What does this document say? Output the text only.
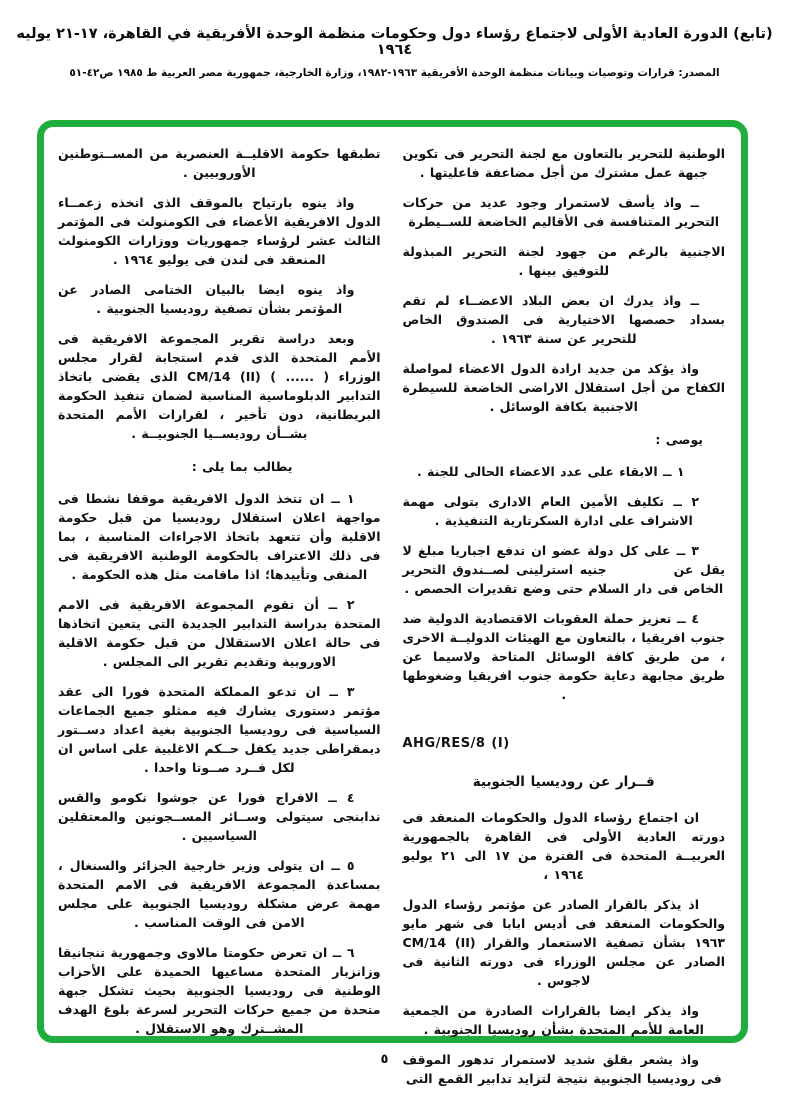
(تابع) الدورة العادية الأولى لاجتماع رؤساء دول وحكومات منظمة الوحدة الأفريقية في القاهرة، ١٧-٢١ يوليه ١٩٦٤
المصدر: قرارات وتوصيات وبيانات منظمة الوحدة الأفريقية ١٩٦٣-١٩٨٢، وزارة الخارجية، جمهورية مصر العربية ط ١٩٨٥ ص٤٢-٥١

الوطنية للتحرير بالتعاون مع لجنة التحرير فى تكوين جبهة عمل مشترك من أجل مضاعفة فاعليتها .

ــ واذ يأسف لاستمرار وجود عديد من حركات التحرير المتنافسة فى الأقاليم الخاضعة للســيطرة

الاجنبية بالرغم من جهود لجنة التحرير المبذولة للتوفيق بينها .

ــ واذ يدرك ان بعض البلاد الاعضــاء لم تقم بسداد حصصها الاختيارية فى الصندوق الخاص للتحرير عن سنة ١٩٦٣ .

واذ يؤكد من جديد ارادة الدول الاعضاء لمواصلة الكفاح من أجل استقلال الاراضى الخاضعة للسيطرة الاجنبية بكافة الوسائل .

يوصى :

١ ــ الابقاء على عدد الاعضاء الحالى للجنة .

٢ ــ تكليف الأمين العام الادارى بتولى مهمة الاشراف على ادارة السكرتارية التنفيذية .

٣ ــ على كل دولة عضو ان تدفع اجباريا مبلغ لا يقل عن          جنيه استرلينى لصــندوق التحرير الخاص فى دار السلام حتى وضع تقديرات الحصص .

٤ ــ تعزيز حملة العقوبات الاقتصادية الدولية ضد جنوب افريقيا ، بالتعاون مع الهيئات الدوليــة الاخرى ، من طريق كافة الوسائل المتاحة ولاسيما عن طريق مجابهة دعاية حكومة جنوب افريقيا وضغوطها .

AHG/RES/8 (I)

قــرار عن روديسيا الجنوبية

ان اجتماع رؤساء الدول والحكومات المنعقد فى دورته العادية الأولى فى القاهرة بالجمهورية العربيــة المتحدة فى الفترة من ١٧ الى ٢١ يوليو ١٩٦٤ ،

اذ يذكر بالقرار الصادر عن مؤتمر رؤساء الدول والحكومات المنعقد فى أديس ابابا فى شهر مايو ١٩٦٣ بشأن تصفية الاستعمار والقرار CM/14 (II) الصادر عن مجلس الوزراء فى دورته الثانية فى لاجوس .

واذ يذكر ايضا بالقرارات الصادرة من الجمعية العامة للأمم المتحدة بشأن روديسيا الجنوبية .

واذ يشعر بقلق شديد لاستمرار تدهور الموقف فى روديسيا الجنوبية نتيجة لتزايد تدابير القمع التى

تطبقها حكومة الاقليــة العنصرية من المســتوطنين الأوروبيين .

واذ ينوه بارتياح بالموقف الذى اتخذه زعمــاء الدول الافريقية الأعضاء فى الكومنولث فى المؤتمر الثالث عشر لرؤساء جمهوريات ووزارات الكومنولث المنعقد فى لندن فى يوليو ١٩٦٤ .

واذ ينوه ايضا بالبيان الختامى الصادر عن المؤتمر بشأن تصفية روديسيا الجنوبية .

وبعد دراسة تقرير المجموعة الافريقية فى الأمم المتحدة الذى قدم استجابة لقرار مجلس الوزراء ( ...... ) CM/14 (II) الذى يقضى باتخاذ التدابير الدبلوماسية المناسبة لضمان تنفيذ الحكومة البريطانية، دون تأخير ، لقرارات الأمم المتحدة بشــأن روديســيا الجنوبيــة .

يطالب بما يلى :

١ ــ ان تتخذ الدول الافريقية موقفا نشطا فى مواجهة اعلان استقلال روديسيا من قبل حكومة الاقلية وأن تتعهد باتخاذ الاجراءات المناسبة ، بما فى ذلك الاعتراف بالحكومة الوطنية الافريقية فى المنفى وتأييدها؛ اذا ماقامت مثل هذه الحكومة .

٢ ــ أن تقوم المجموعة الافريقية فى الامم المتحدة بدراسة التدابير الجديدة التى يتعين اتخاذها فى حالة اعلان الاستقلال من قبل حكومة الاقلية الاوروبية وتقديم تقرير الى المجلس .

٣ ــ ان تدعو المملكة المتحدة فورا الى عقد مؤتمر دستورى يشارك فيه ممثلو جميع الجماعات السياسية فى روديسيا الجنوبية بغية اعداد دســتور ديمقراطى جديد يكفل حــكم الاغلبية على اساس ان لكل فــرد صــوتا واحدا .

٤ ــ الافراج فورا عن جوشوا نكومو والقس ندابنجى سيتولى وســائر المســجونين والمعتقلين السياسيين .

٥ ــ ان يتولى وزير خارجية الجزائر والسنغال ، بمساعدة المجموعة الافريقية فى الامم المتحدة مهمة عرض مشكلة روديسيا الجنوبية على مجلس الامن فى الوقت المناسب .

٦ ــ ان تعرض حكومتا مالاوى وجمهورية تنجانيقا وزانزبار المتحدة مساعيها الحميدة على الأحزاب الوطنية فى روديسيا الجنوبية بحيث تشكل جبهة متحدة من جميع حركات التحرير لسرعة بلوغ الهدف المشــترك وهو الاستقلال .

٥
